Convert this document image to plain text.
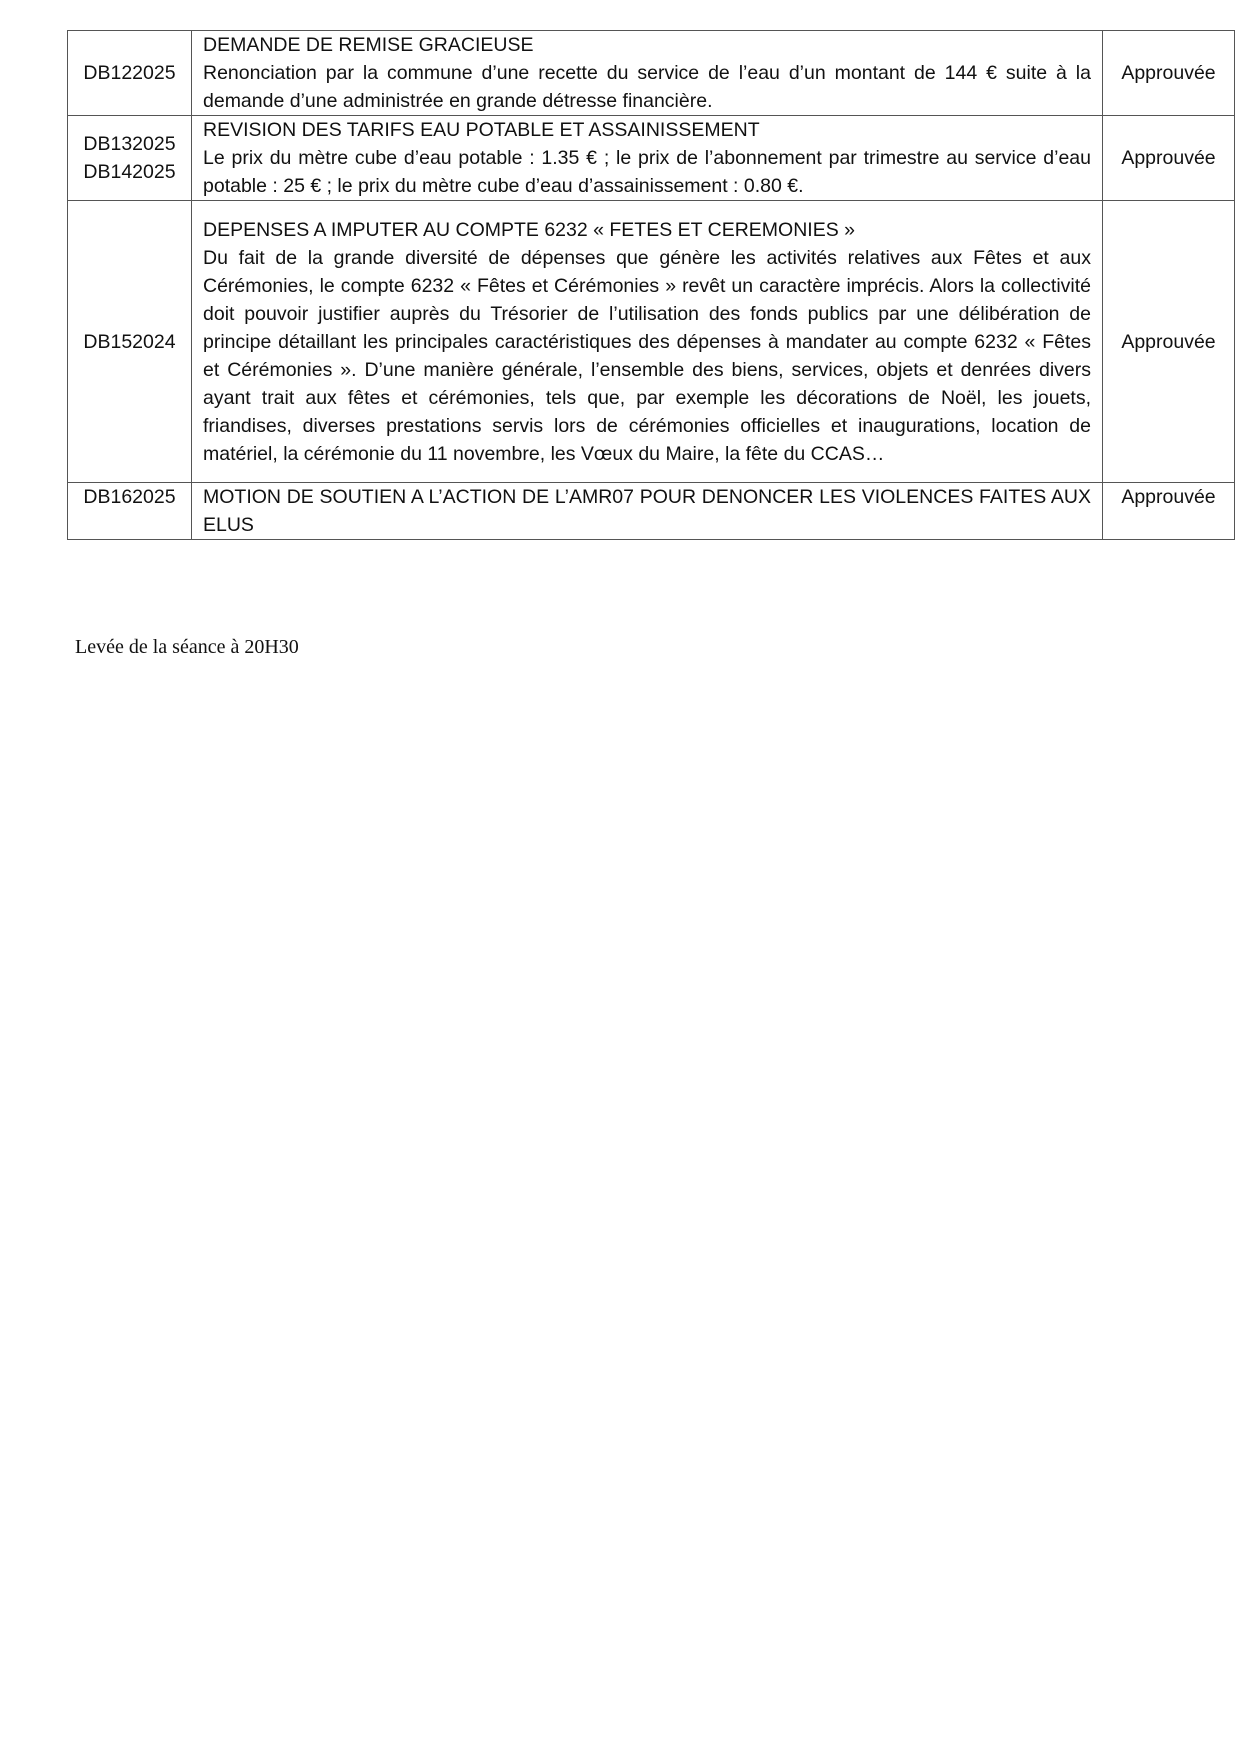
DB122025	DEMANDE DE REMISE GRACIEUSE
Renonciation par la commune d’une recette du service de l’eau d’un montant de 144 € suite à la demande d’une administrée en grande détresse financière.	Approuvée

DB132025
DB142025	REVISION DES TARIFS EAU POTABLE ET ASSAINISSEMENT
Le prix du mètre cube d’eau potable : 1.35 € ; le prix de l’abonnement par trimestre au service d’eau potable : 25 € ; le prix du mètre cube d’eau d’assainissement : 0.80 €.	Approuvée

DB152024	DEPENSES A IMPUTER AU COMPTE 6232 « FETES ET CEREMONIES »
Du fait de la grande diversité de dépenses que génère les activités relatives aux Fêtes et aux Cérémonies, le compte 6232 « Fêtes et Cérémonies » revêt un caractère imprécis. Alors la collectivité doit pouvoir justifier auprès du Trésorier de l’utilisation des fonds publics par une délibération de principe détaillant les principales caractéristiques des dépenses à mandater au compte 6232 « Fêtes et Cérémonies ». D’une manière générale, l’ensemble des biens, services, objets et denrées divers ayant trait aux fêtes et cérémonies, tels que, par exemple les décorations de Noël, les jouets, friandises, diverses prestations servis lors de cérémonies officielles et inaugurations, location de matériel, la cérémonie du 11 novembre, les Vœux du Maire, la fête du CCAS…	Approuvée

DB162025	MOTION DE SOUTIEN A L’ACTION DE L’AMR07 POUR DENONCER LES VIOLENCES FAITES AUX ELUS	Approuvée
Levée de la séance à 20H30
